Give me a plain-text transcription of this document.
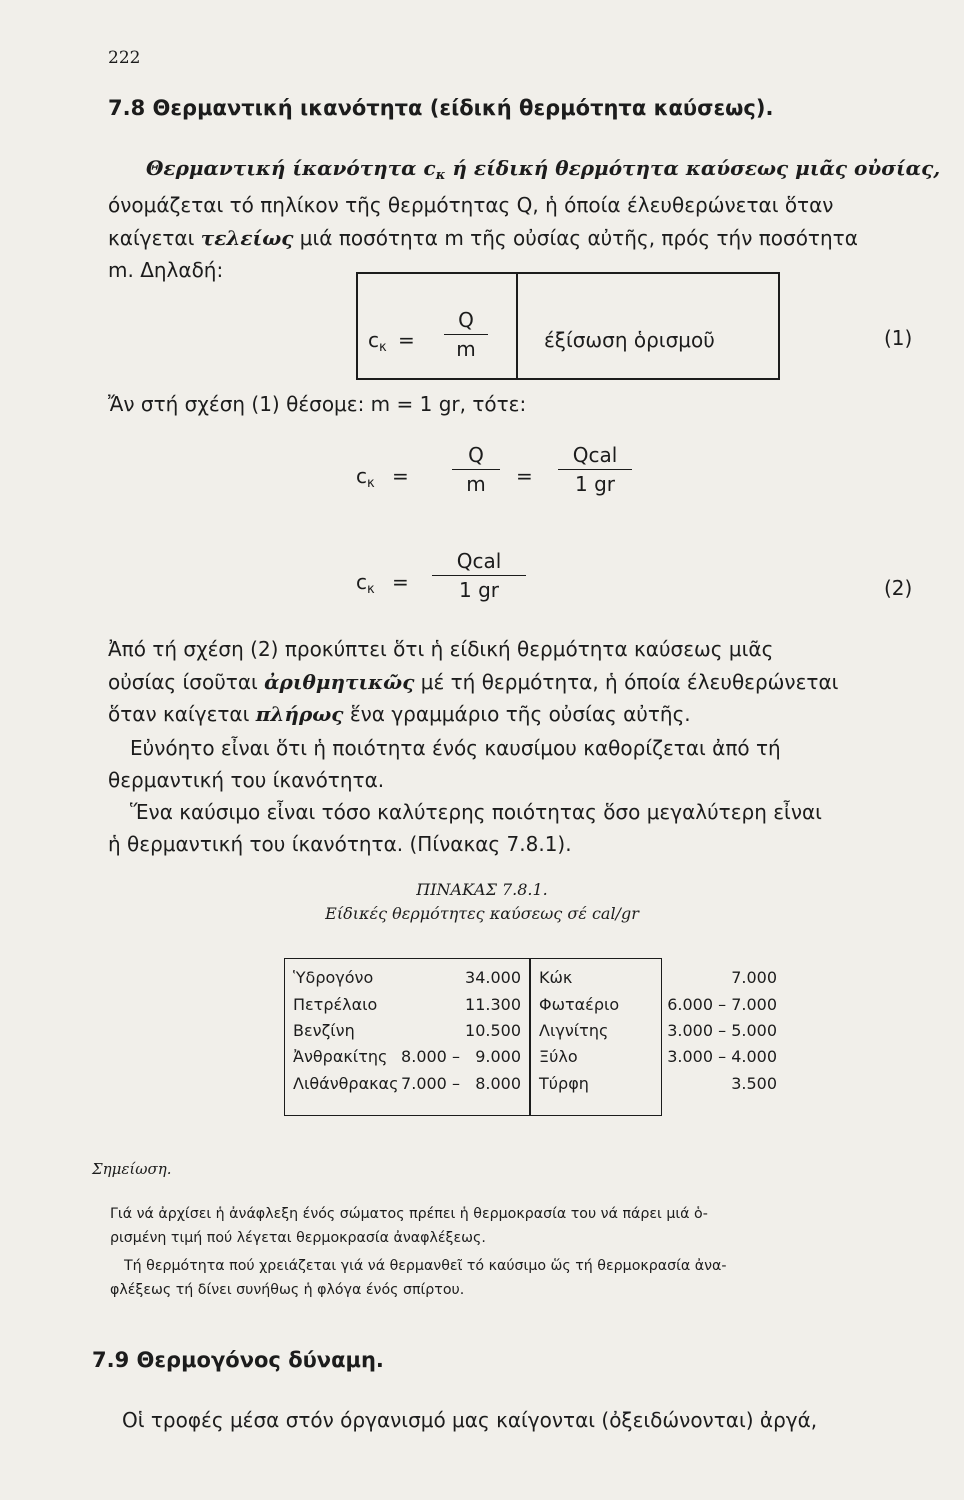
222
7.8 Θερμαντική ικανότητα (είδική θερμότητα καύσεως).
Θερμαντική ίκανότητα $c_\kappa$ ή είδική θερμότητα καύσεως μιᾶς οὐσίας,
όνομάζεται τό πηλίκον τῆς θερμότητας Q, ἡ όποία έλευθερώνεται ὅταν
καίγεται τελείως μιά ποσότητα m τῆς οὐσίας αὐτῆς, πρός τήν ποσότητα
m. Δηλαδή:
$c_\kappa$ =
Q
m	έξίσωση ὁρισμοῦ	(1)
Ἄν στή σχέση (1) θέσομε: m = 1 gr, τότε:
$c_\kappa$ =
Q
m	=
Qcal
1 gr
$c_\kappa$ =
Qcal
1 gr	(2)
Ἀπό τή σχέση (2) προκύπτει ὅτι ἡ είδική θερμότητα καύσεως μιᾶς
οὐσίας ίσοῦται ἀριθμητικῶς μέ τή θερμότητα, ἡ όποία έλευθερώνεται
ὅταν καίγεται πλήρως ἕνα γραμμάριο τῆς οὐσίας αὐτῆς.
Εὐνόητο εἶναι ὅτι ἡ ποιότητα ένός καυσίμου καθορίζεται ἀπό τή
θερμαντική του ίκανότητα.
Ἕνα καύσιμο εἶναι τόσο καλύτερης ποιότητας ὅσο μεγαλύτερη εἶναι
ἡ θερμαντική του ίκανότητα. (Πίνακας 7.8.1).
ΠΙΝΑΚΑΣ 7.8.1.
Είδικές θερμότητες καύσεως σέ cal/gr
Ὑδρογόνο	34.000 Κώκ	7.000
Πετρέλαιο	11.300 Φωταέριο	6.000 – 7.000
Βενζίνη	10.500 Λιγνίτης	3.000 – 5.000
Ἀνθρακίτης 8.000 –   9.000 Ξύλο	3.000 – 4.000
Λιθάνθρακας 7.000 –   8.000 Τύρφη	3.500
Σημείωση.
Γιά νά ἀρχίσει ἡ ἀνάφλεξη ένός σώματος πρέπει ἡ θερμοκρασία του νά πάρει μιά ὁ-
ρισμένη τιμή πού λέγεται θερμοκρασία ἀναφλέξεως.
Τή θερμότητα πού χρειάζεται γιά νά θερμανθεῖ τό καύσιμο ὥς τή θερμοκρασία ἀνα-
φλέξεως τή δίνει συνήθως ἡ φλόγα ένός σπίρτου.
7.9 Θερμογόνος δύναμη.
Οἱ τροφές μέσα στόν όργανισμό μας καίγονται (ὀξειδώνονται) ἀργά,
